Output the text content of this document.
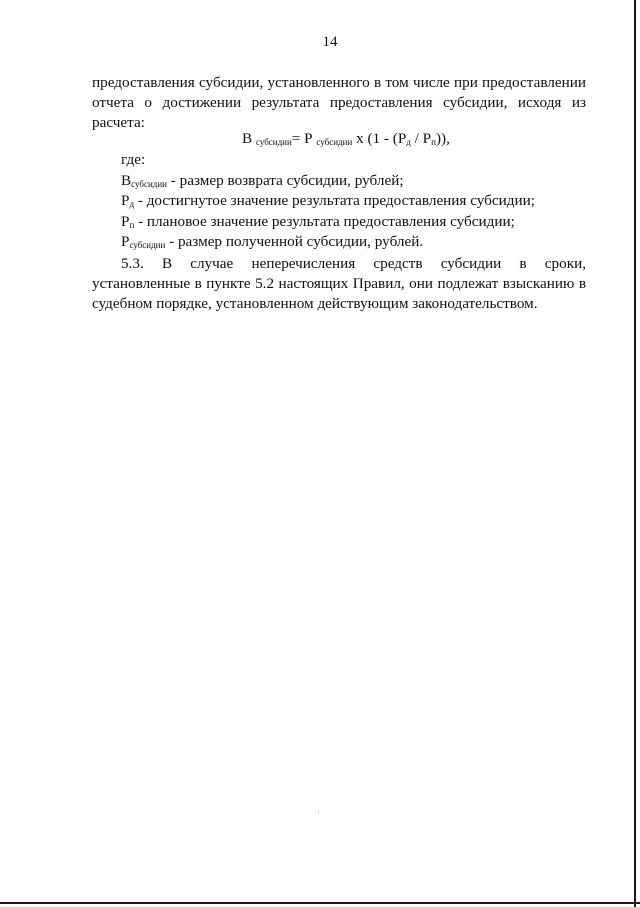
14
предоставления субсидии, установленного в том числе при предоставлении
отчета о достижении результата предоставления субсидии, исходя из
расчета:
В $_{субсидии}$= Р $_{субсидии}$ x $(1 - (Р_д / Р_п))$,
где:
$В_{субсидии}$ - размер возврата субсидии, рублей;
$Р_д$ - достигнутое значение результата предоставления субсидии;
$Р_п$ - плановое значение результата предоставления субсидии;
$Р_{субсидии}$ - размер полученной субсидии, рублей.
5.3. В случае неперечисления средств субсидии в сроки,
установленные в пункте 5.2 настоящих Правил, они подлежат взысканию в
судебном порядке, установленном действующим законодательством.
